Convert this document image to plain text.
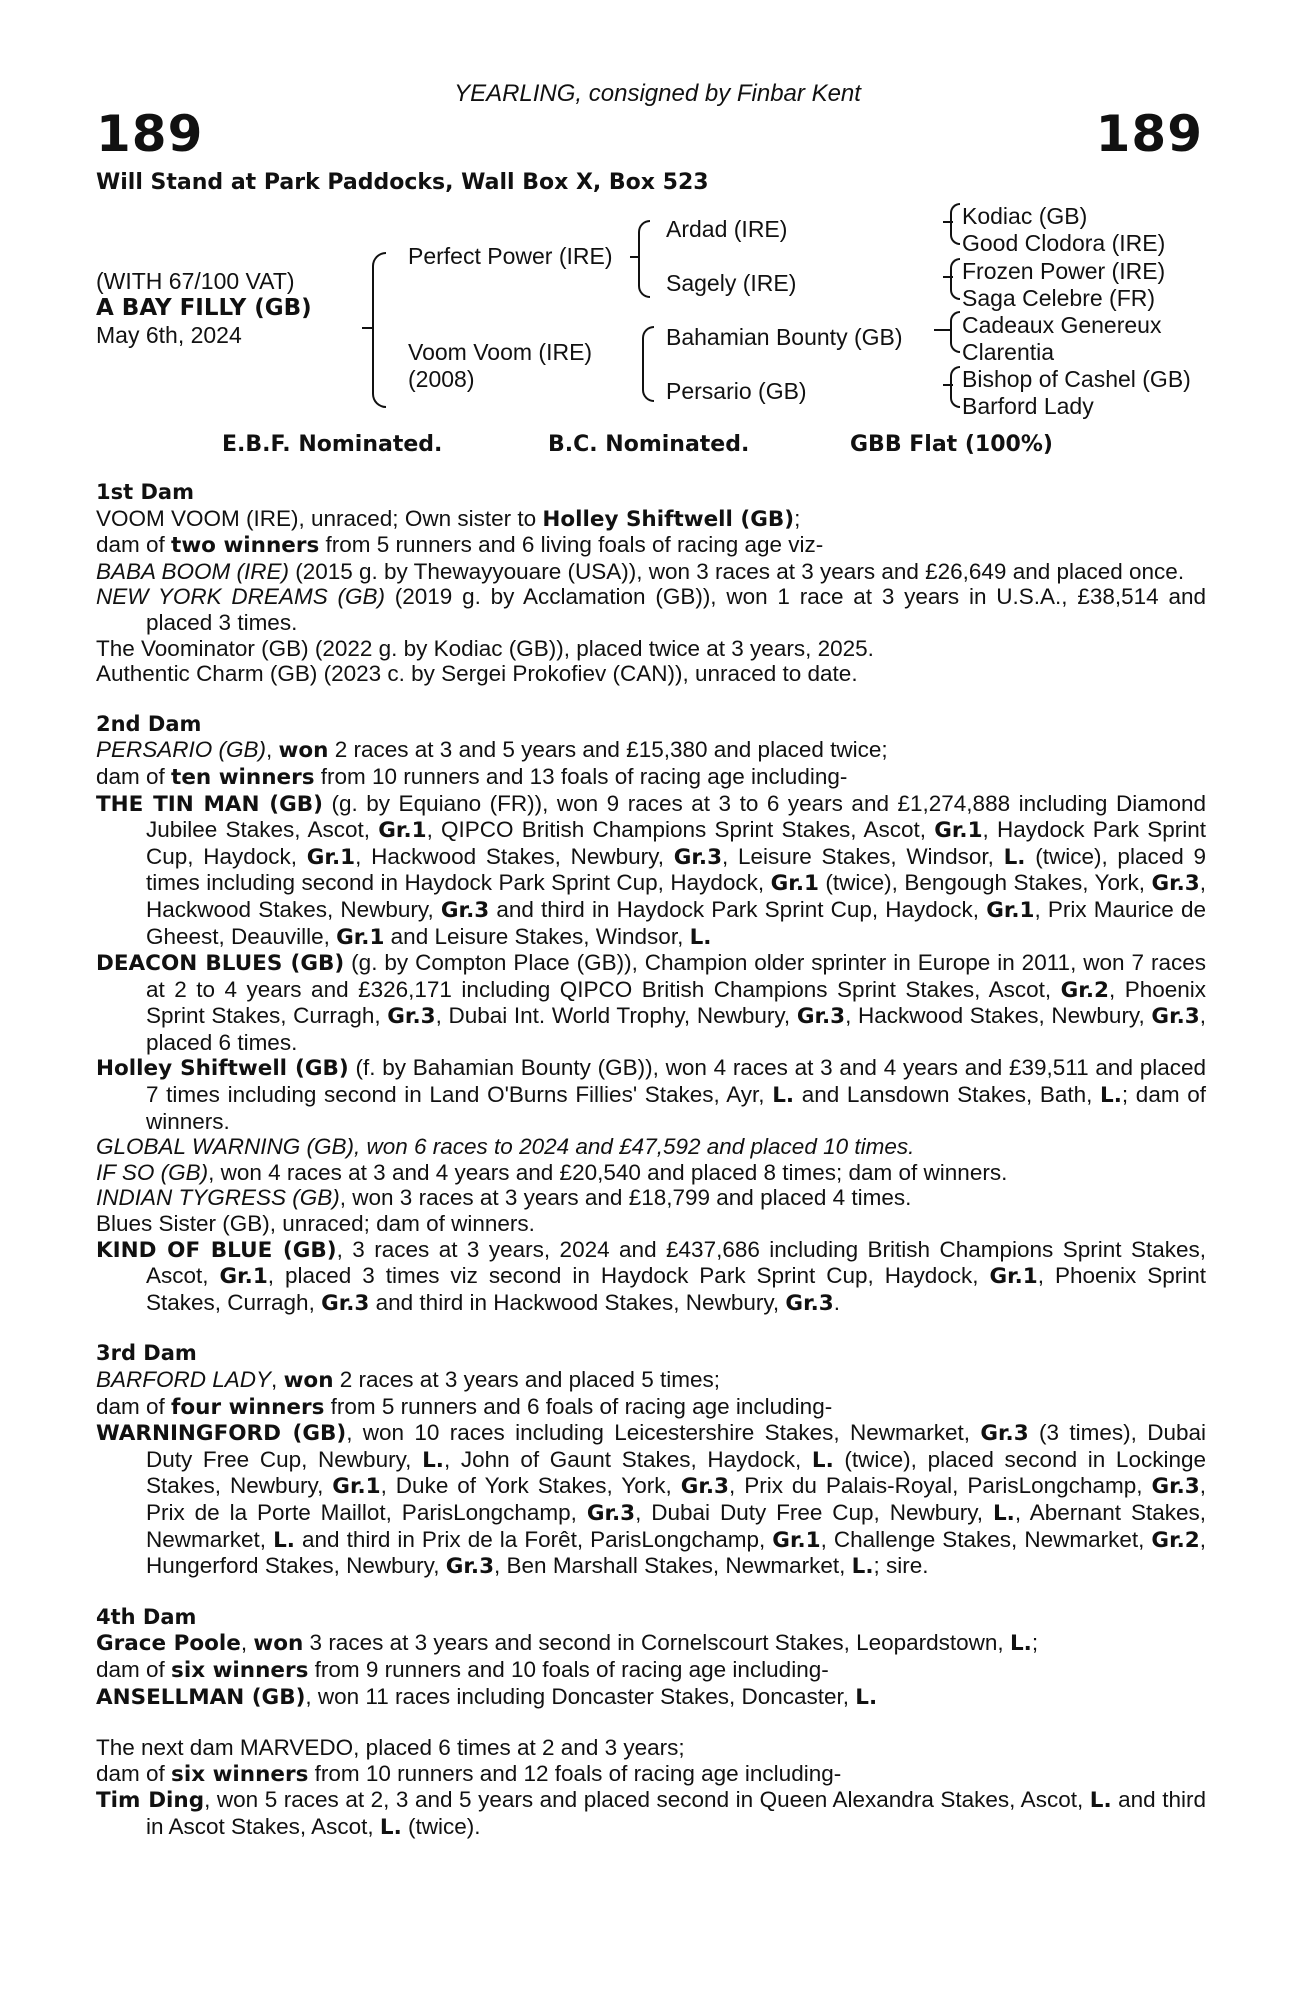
YEARLING, consigned by Finbar Kent
189	189
Will Stand at Park Paddocks, Wall Box X, Box 523
(WITH 67/100 VAT)
A BAY FILLY (GB)
May 6th, 2024
Perfect Power (IRE)
Voom Voom (IRE)
(2008)
Ardad (IRE)
Sagely (IRE)
Bahamian Bounty (GB)
Persario (GB)
Kodiac (GB)
Good Clodora (IRE)
Frozen Power (IRE)
Saga Celebre (FR)
Cadeaux Genereux
Clarentia
Bishop of Cashel (GB)
Barford Lady
E.B.F. Nominated.	B.C. Nominated.	GBB Flat (100%)
1st Dam

VOOM VOOM (IRE), unraced; Own sister to Holley Shiftwell (GB);

dam of two winners from 5 runners and 6 living foals of racing age viz-

BABA BOOM (IRE) (2015 g. by Thewayyouare (USA)), won 3 races at 3 years and £26,649 and placed once.

NEW YORK DREAMS (GB) (2019 g. by Acclamation (GB)), won 1 race at 3 years in U.S.A., £38,514 and placed 3 times.

The Voominator (GB) (2022 g. by Kodiac (GB)), placed twice at 3 years, 2025.

Authentic Charm (GB) (2023 c. by Sergei Prokofiev (CAN)), unraced to date.

2nd Dam

PERSARIO (GB), won 2 races at 3 and 5 years and £15,380 and placed twice;

dam of ten winners from 10 runners and 13 foals of racing age including-

THE TIN MAN (GB) (g. by Equiano (FR)), won 9 races at 3 to 6 years and £1,274,888 including Diamond Jubilee Stakes, Ascot, Gr.1, QIPCO British Champions Sprint Stakes, Ascot, Gr.1, Haydock Park Sprint Cup, Haydock, Gr.1, Hackwood Stakes, Newbury, Gr.3, Leisure Stakes, Windsor, L. (twice), placed 9 times including second in Haydock Park Sprint Cup, Haydock, Gr.1 (twice), Bengough Stakes, York, Gr.3, Hackwood Stakes, Newbury, Gr.3 and third in Haydock Park Sprint Cup, Haydock, Gr.1, Prix Maurice de Gheest, Deauville, Gr.1 and Leisure Stakes, Windsor, L.

DEACON BLUES (GB) (g. by Compton Place (GB)), Champion older sprinter in Europe in 2011, won 7 races at 2 to 4 years and £326,171 including QIPCO British Champions Sprint Stakes, Ascot, Gr.2, Phoenix Sprint Stakes, Curragh, Gr.3, Dubai Int. World Trophy, Newbury, Gr.3, Hackwood Stakes, Newbury, Gr.3, placed 6 times.

Holley Shiftwell (GB) (f. by Bahamian Bounty (GB)), won 4 races at 3 and 4 years and £39,511 and placed 7 times including second in Land O'Burns Fillies' Stakes, Ayr, L. and Lansdown Stakes, Bath, L.; dam of winners.

GLOBAL WARNING (GB), won 6 races to 2024 and £47,592 and placed 10 times.

IF SO (GB), won 4 races at 3 and 4 years and £20,540 and placed 8 times; dam of winners.

INDIAN TYGRESS (GB), won 3 races at 3 years and £18,799 and placed 4 times.

Blues Sister (GB), unraced; dam of winners.

KIND OF BLUE (GB), 3 races at 3 years, 2024 and £437,686 including British Champions Sprint Stakes, Ascot, Gr.1, placed 3 times viz second in Haydock Park Sprint Cup, Haydock, Gr.1, Phoenix Sprint Stakes, Curragh, Gr.3 and third in Hackwood Stakes, Newbury, Gr.3.

3rd Dam

BARFORD LADY, won 2 races at 3 years and placed 5 times;

dam of four winners from 5 runners and 6 foals of racing age including-

WARNINGFORD (GB), won 10 races including Leicestershire Stakes, Newmarket, Gr.3 (3 times), Dubai Duty Free Cup, Newbury, L., John of Gaunt Stakes, Haydock, L. (twice), placed second in Lockinge Stakes, Newbury, Gr.1, Duke of York Stakes, York, Gr.3, Prix du Palais-Royal, ParisLongchamp, Gr.3, Prix de la Porte Maillot, ParisLongchamp, Gr.3, Dubai Duty Free Cup, Newbury, L., Abernant Stakes, Newmarket, L. and third in Prix de la Forêt, ParisLongchamp, Gr.1, Challenge Stakes, Newmarket, Gr.2, Hungerford Stakes, Newbury, Gr.3, Ben Marshall Stakes, Newmarket, L.; sire.

4th Dam

Grace Poole, won 3 races at 3 years and second in Cornelscourt Stakes, Leopardstown, L.;

dam of six winners from 9 runners and 10 foals of racing age including-

ANSELLMAN (GB), won 11 races including Doncaster Stakes, Doncaster, L.

The next dam MARVEDO, placed 6 times at 2 and 3 years;

dam of six winners from 10 runners and 12 foals of racing age including-

Tim Ding, won 5 races at 2, 3 and 5 years and placed second in Queen Alexandra Stakes, Ascot, L. and third in Ascot Stakes, Ascot, L. (twice).
